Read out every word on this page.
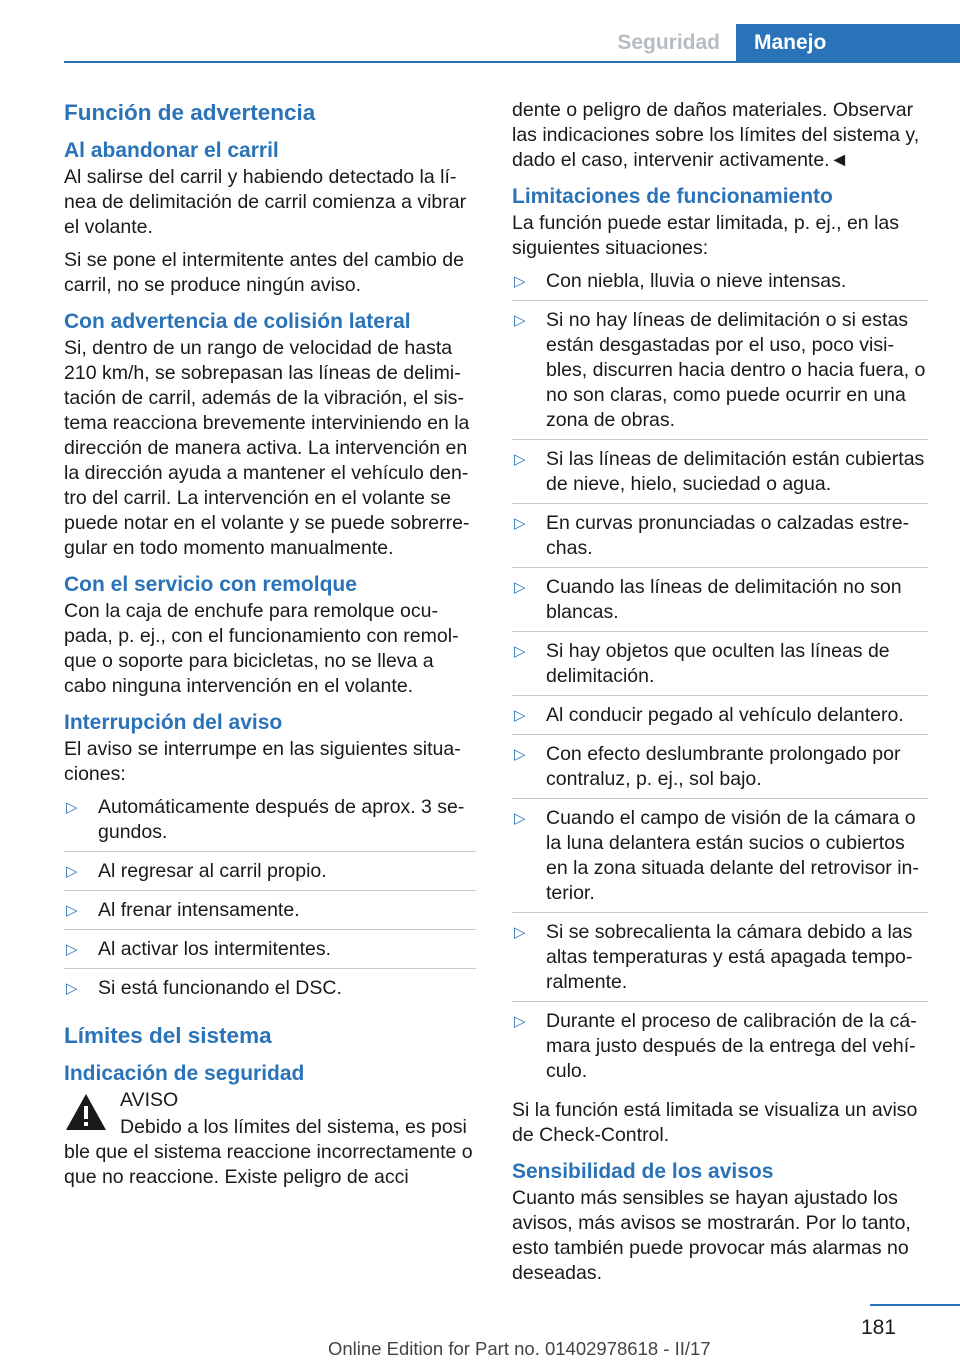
Seguridad	Manejo
Función de advertencia
Al abandonar el carril

Al salirse del carril y habiendo detectado la línea de delimitación de carril comienza a vibrar el volante.

Si se pone el intermitente antes del cambio de carril, no se produce ningún aviso.

Con advertencia de colisión lateral

Si, dentro de un rango de velocidad de hasta 210 km/h, se sobrepasan las líneas de delimitación de carril, además de la vibración, el sistema reacciona brevemente interviniendo en la dirección de manera activa. La intervención en la dirección ayuda a mantener el vehículo dentro del carril. La intervención en el volante se puede notar en el volante y se puede sobrerregular en todo momento manualmente.

Con el servicio con remolque

Con la caja de enchufe para remolque ocupada, p. ej., con el funcionamiento con remolque o soporte para bicicletas, no se lleva a cabo ninguna intervención en el volante.

Interrupción del aviso

El aviso se interrumpe en las siguientes situaciones:

▷ Automáticamente después de aprox. 3 segundos.
▷ Al regresar al carril propio.
▷ Al frenar intensamente.
▷ Al activar los intermitentes.
▷ Si está funcionando el DSC.
Límites del sistema
Indicación de seguridad

AVISO

Debido a los límites del sistema, es posi

ble que el sistema reaccione incorrectamente o que no reaccione. Existe peligro de acci

dente o peligro de daños materiales. Observar las indicaciones sobre los límites del sistema y, dado el caso, intervenir activamente.◄

Limitaciones de funcionamiento

La función puede estar limitada, p. ej., en las siguientes situaciones:

▷ Con niebla, lluvia o nieve intensas.
▷ Si no hay líneas de delimitación o si estas están desgastadas por el uso, poco visibles, discurren hacia dentro o hacia fuera, o no son claras, como puede ocurrir en una zona de obras.
▷ Si las líneas de delimitación están cubiertas de nieve, hielo, suciedad o agua.
▷ En curvas pronunciadas o calzadas estrechas.
▷ Cuando las líneas de delimitación no son blancas.
▷ Si hay objetos que oculten las líneas de delimitación.
▷ Al conducir pegado al vehículo delantero.
▷ Con efecto deslumbrante prolongado por contraluz, p. ej., sol bajo.
▷ Cuando el campo de visión de la cámara o la luna delantera están sucios o cubiertos en la zona situada delante del retrovisor interior.
▷ Si se sobrecalienta la cámara debido a las altas temperaturas y está apagada temporalmente.
▷ Durante el proceso de calibración de la cámara justo después de la entrega del vehículo.

Si la función está limitada se visualiza un aviso de Check-Control.

Sensibilidad de los avisos

Cuanto más sensibles se hayan ajustado los avisos, más avisos se mostrarán. Por lo tanto, esto también puede provocar más alarmas no deseadas.

181
Online Edition for Part no. 01402978618 - II/17
